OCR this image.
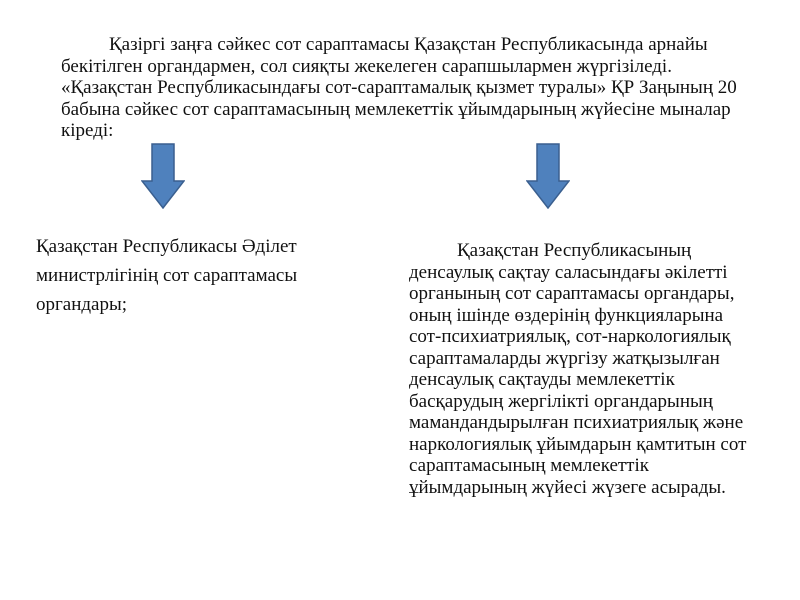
Қазіргі заңға сәйкес сот сараптамасы Қазақстан Республикасында арнайы бекітілген органдармен, сол сияқты жекелеген сарапшылармен жүргізіледі. «Қазақстан Республикасындағы сот-сараптамалық қызмет туралы» ҚР Заңының 20 бабына сәйкес сот сараптамасының мемлекеттік ұйымдарының жүйесіне мыналар кіреді:

Қазақстан Республикасы Әділет министрлігінің сот сараптамасы органдары;

Қазақстан Республикасының денсаулық сақтау саласындағы әкілетті органының сот сараптамасы органдары, оның ішінде өздерінің функцияларына сот-психиатриялық, сот-наркологиялық сараптамаларды жүргізу жатқызылған денсаулық сақтауды мемлекеттік басқарудың жергілікті органдарының мамандандырылған психиатриялық және наркологиялық ұйымдарын қамтитын сот сараптамасының мемлекеттік ұйымдарының жүйесі жүзеге асырады.
